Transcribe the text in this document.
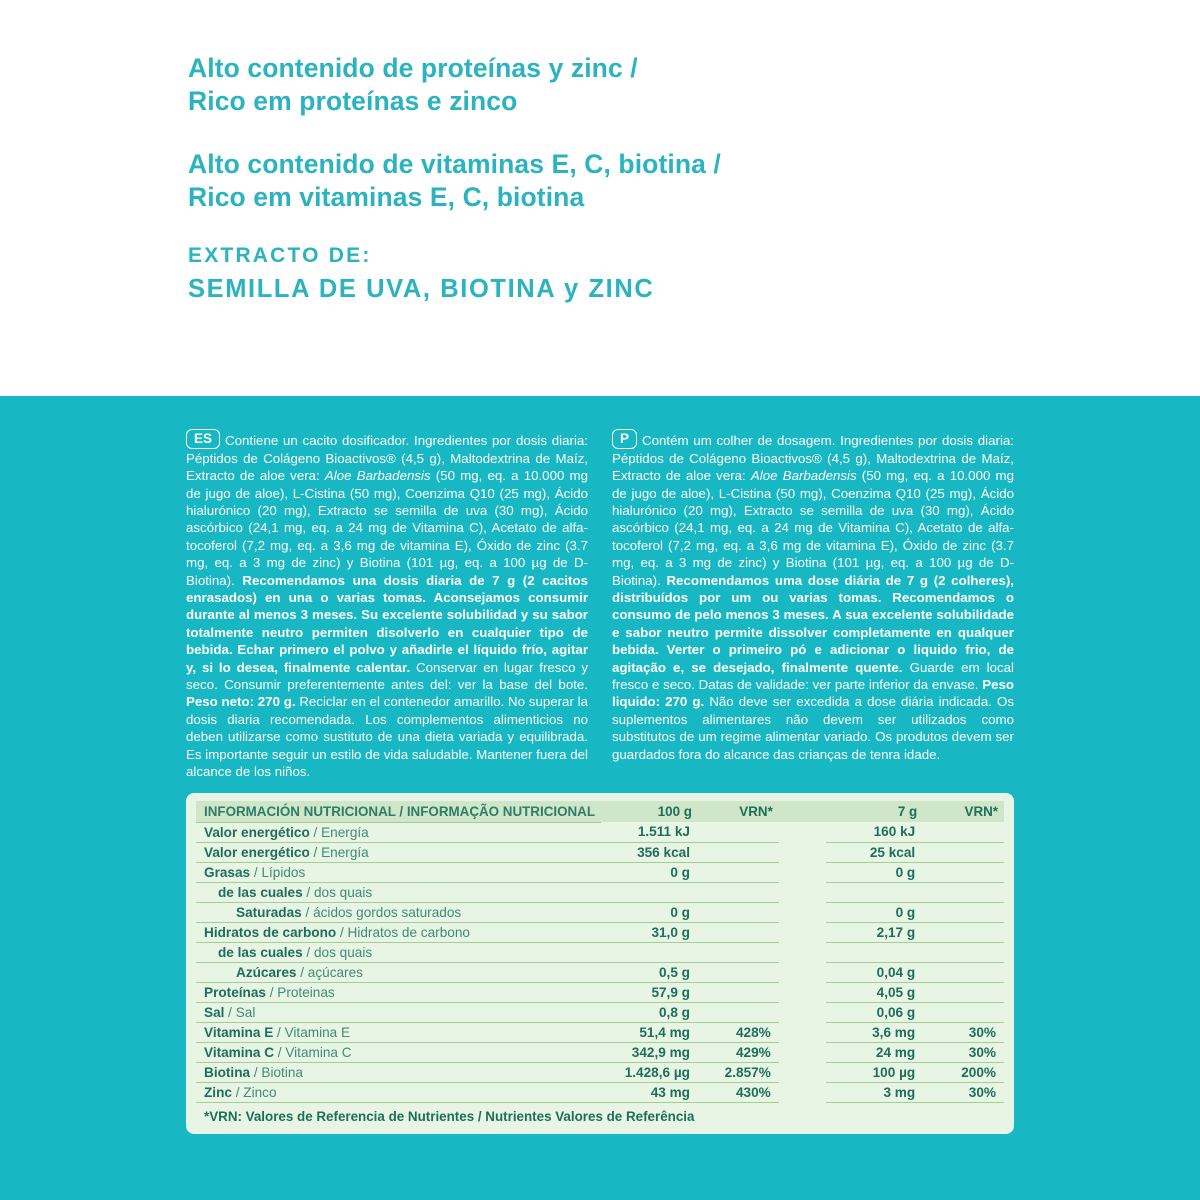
Alto contenido de proteínas y zinc /
Rico em proteínas e zinco
Alto contenido de vitaminas E, C, biotina /
Rico em vitaminas E, C, biotina
EXTRACTO DE:
SEMILLA DE UVA, BIOTINA y ZINC

ES Contiene un cacito dosificador. Ingredientes por dosis diaria: Péptidos de Colágeno Bioactivos® (4,5 g), Maltodextrina de Maíz, Extracto de aloe vera: Aloe Barbadensis (50 mg, eq. a 10.000 mg de jugo de aloe), L-Cistina (50 mg), Coenzima Q10 (25 mg), Ácido hialurónico (20 mg), Extracto se semilla de uva (30 mg), Ácido ascórbico (24,1 mg, eq. a 24 mg de Vitamina C), Acetato de alfa-tocoferol (7,2 mg, eq. a 3,6 mg de vitamina E), Óxido de zinc (3.7 mg, eq. a 3 mg de zinc) y Biotina (101 µg, eq. a 100 µg de D-Biotina). Recomendamos una dosis diaria de 7 g (2 cacitos enrasados) en una o varias tomas. Aconsejamos consumir durante al menos 3 meses. Su excelente solubilidad y su sabor totalmente neutro permiten disolverlo en cualquier tipo de bebida. Echar primero el polvo y añadirle el líquido frío, agitar y, si lo desea, finalmente calentar. Conservar en lugar fresco y seco. Consumir preferentemente antes del: ver la base del bote. Peso neto: 270 g. Reciclar en el contenedor amarillo. No superar la dosis diaria recomendada. Los complementos alimenticios no deben utilizarse como sustituto de una dieta variada y equilibrada. Es importante seguir un estilo de vida saludable. Mantener fuera del alcance de los niños.

P Contém um colher de dosagem. Ingredientes por dosis diaria: Péptidos de Colágeno Bioactivos® (4,5 g), Maltodextrina de Maíz, Extracto de aloe vera: Aloe Barbadensis (50 mg, eq. a 10.000 mg de jugo de aloe), L-Cistina (50 mg), Coenzima Q10 (25 mg), Ácido hialurónico (20 mg), Extracto se semilla de uva (30 mg), Ácido ascórbico (24,1 mg, eq. a 24 mg de Vitamina C), Acetato de alfa-tocoferol (7,2 mg, eq. a 3,6 mg de vitamina E), Óxido de zinc (3.7 mg, eq. a 3 mg de zinc) y Biotina (101 µg, eq. a 100 µg de D-Biotina). Recomendamos uma dose diária de 7 g (2 colheres), distribuídos por um ou varias tomas. Recomendamos o consumo de pelo menos 3 meses. A sua excelente solubilidade e sabor neutro permite dissolver completamente en qualquer bebida. Verter o primeiro pó e adicionar o liquido frio, de agitação e, se desejado, finalmente quente. Guarde em local fresco e seco. Datas de validade: ver parte inferior da envase. Peso liquido: 270 g. Não deve ser excedida a dose diária indicada. Os suplementos alimentares não devem ser utilizados como substitutos de um regime alimentar variado. Os produtos devem ser guardados fora do alcance das crianças de tenra idade.

INFORMACIÓN NUTRICIONAL / INFORMAÇÃO NUTRICIONAL	100 g	VRN*		7 g	VRN*
Valor energético / Energía	1.511 kJ			160 kJ	
Valor energético / Energía	356 kcal			25 kcal	
Grasas / Lípidos	0 g			0 g	
de las cuales / dos quais					
Saturadas / ácidos gordos saturados	0 g			0 g	
Hidratos de carbono / Hidratos de carbono	31,0 g			2,17 g	
de las cuales / dos quais					
Azúcares / açúcares	0,5 g			0,04 g	
Proteínas / Proteinas	57,9 g			4,05 g	
Sal / Sal	0,8 g			0,06 g	
Vitamina E / Vitamina E	51,4 mg	428%		3,6 mg	30%
Vitamina C / Vitamina C	342,9 mg	429%		24 mg	30%
Biotina / Biotina	1.428,6 µg	2.857%		100 µg	200%
Zinc / Zinco	43 mg	430%		3 mg	30%
*VRN: Valores de Referencia de Nutrientes / Nutrientes Valores de Referência
